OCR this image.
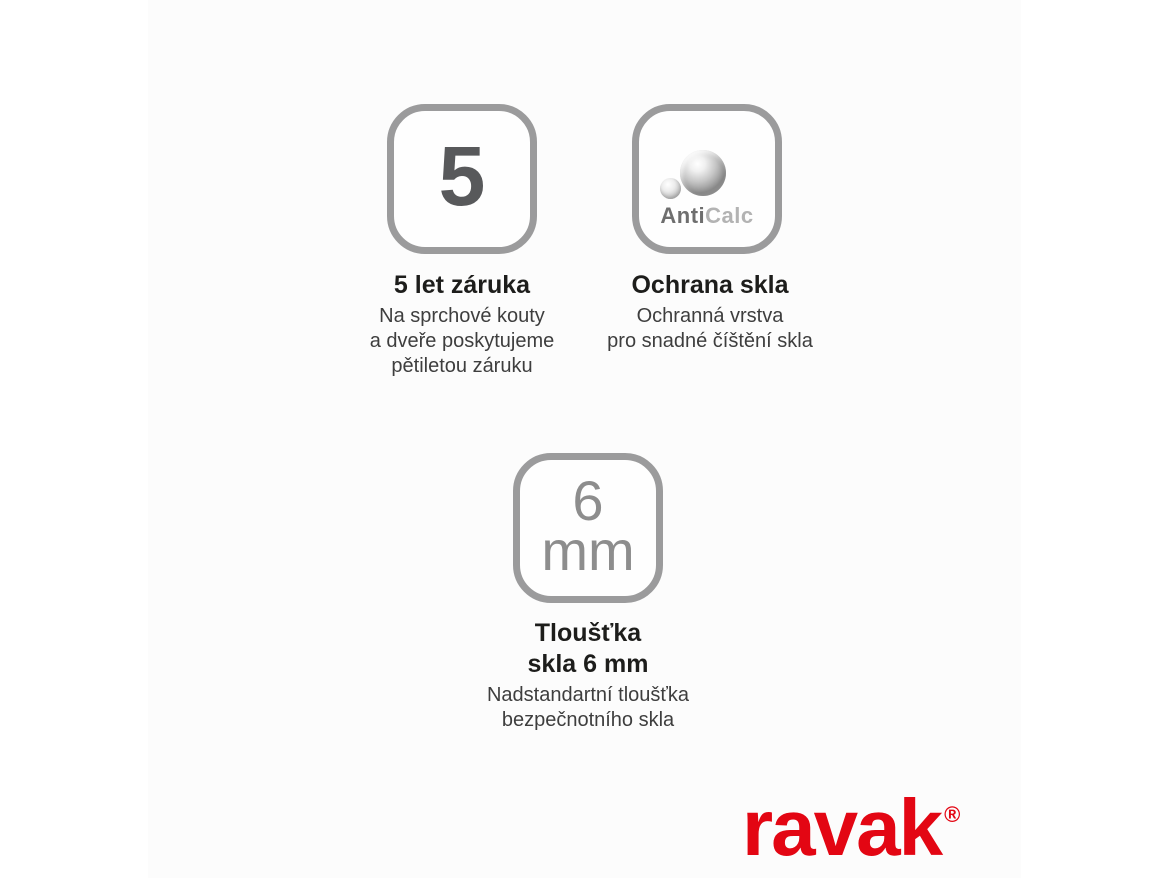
5
5 let záruka
Na sprchové kouty
a dveře poskytujeme
pětiletou záruku
AntiCalc
Ochrana skla
Ochranná vrstva
pro snadné číštění skla
6
mm
Tloušťka
skla 6 mm
Nadstandartní tloušťka
bezpečnotního skla
ravak ®
